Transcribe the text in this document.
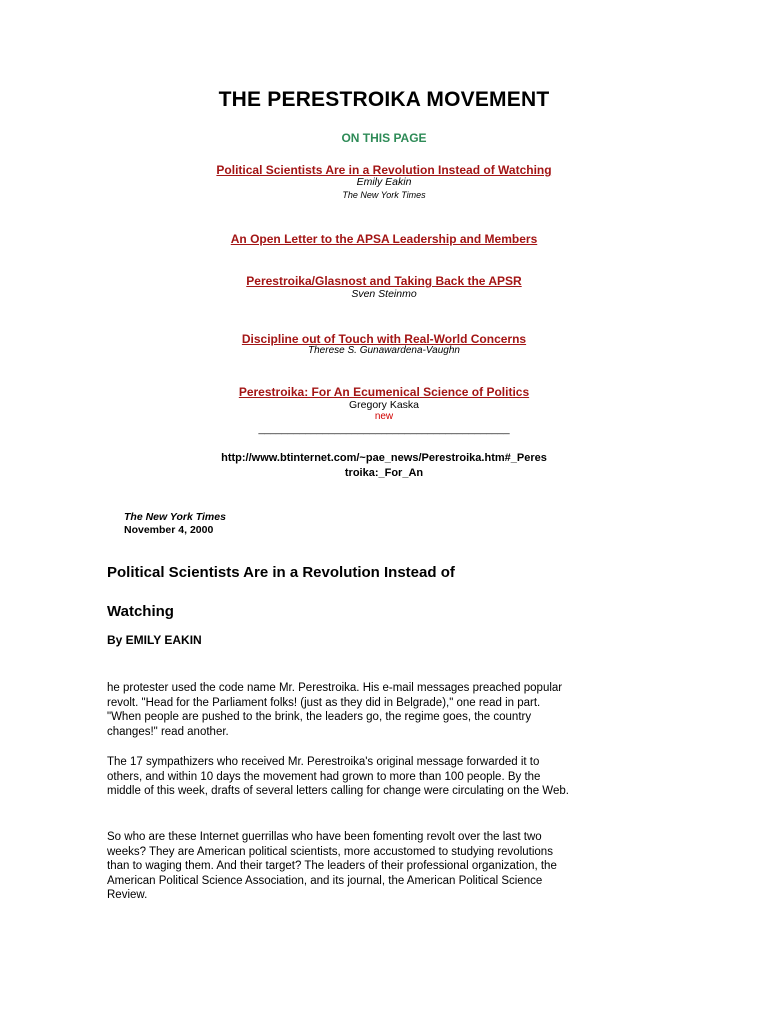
THE PERESTROIKA MOVEMENT
ON THIS PAGE
Political Scientists Are in a Revolution Instead of Watching
Emily Eakin
The New York Times
An Open Letter to the APSA Leadership and Members
Perestroika/Glasnost and Taking Back the APSR
Sven Steinmo
Discipline out of Touch with Real-World Concerns
Therese S. Gunawardena-Vaughn
Perestroika: For An Ecumenical Science of Politics
Gregory Kaska
new
___________________________________________
http://www.btinternet.com/~pae_news/Perestroika.htm#_Peres
troika:_For_An
The New York Times
November 4, 2000
Political Scientists Are in a Revolution Instead of
Watching
By EMILY EAKIN
he protester used the code name Mr. Perestroika. His e-mail messages preached popular revolt. "Head for the Parliament folks! (just as they did in Belgrade)," one read in part. "When people are pushed to the brink, the leaders go, the regime goes, the country changes!" read another.
The 17 sympathizers who received Mr. Perestroika's original message forwarded it to others, and within 10 days the movement had grown to more than 100 people. By the middle of this week, drafts of several letters calling for change were circulating on the Web.
So who are these Internet guerrillas who have been fomenting revolt over the last two weeks? They are American political scientists, more accustomed to studying revolutions than to waging them. And their target? The leaders of their professional organization, the American Political Science Association, and its journal, the American Political Science Review.
